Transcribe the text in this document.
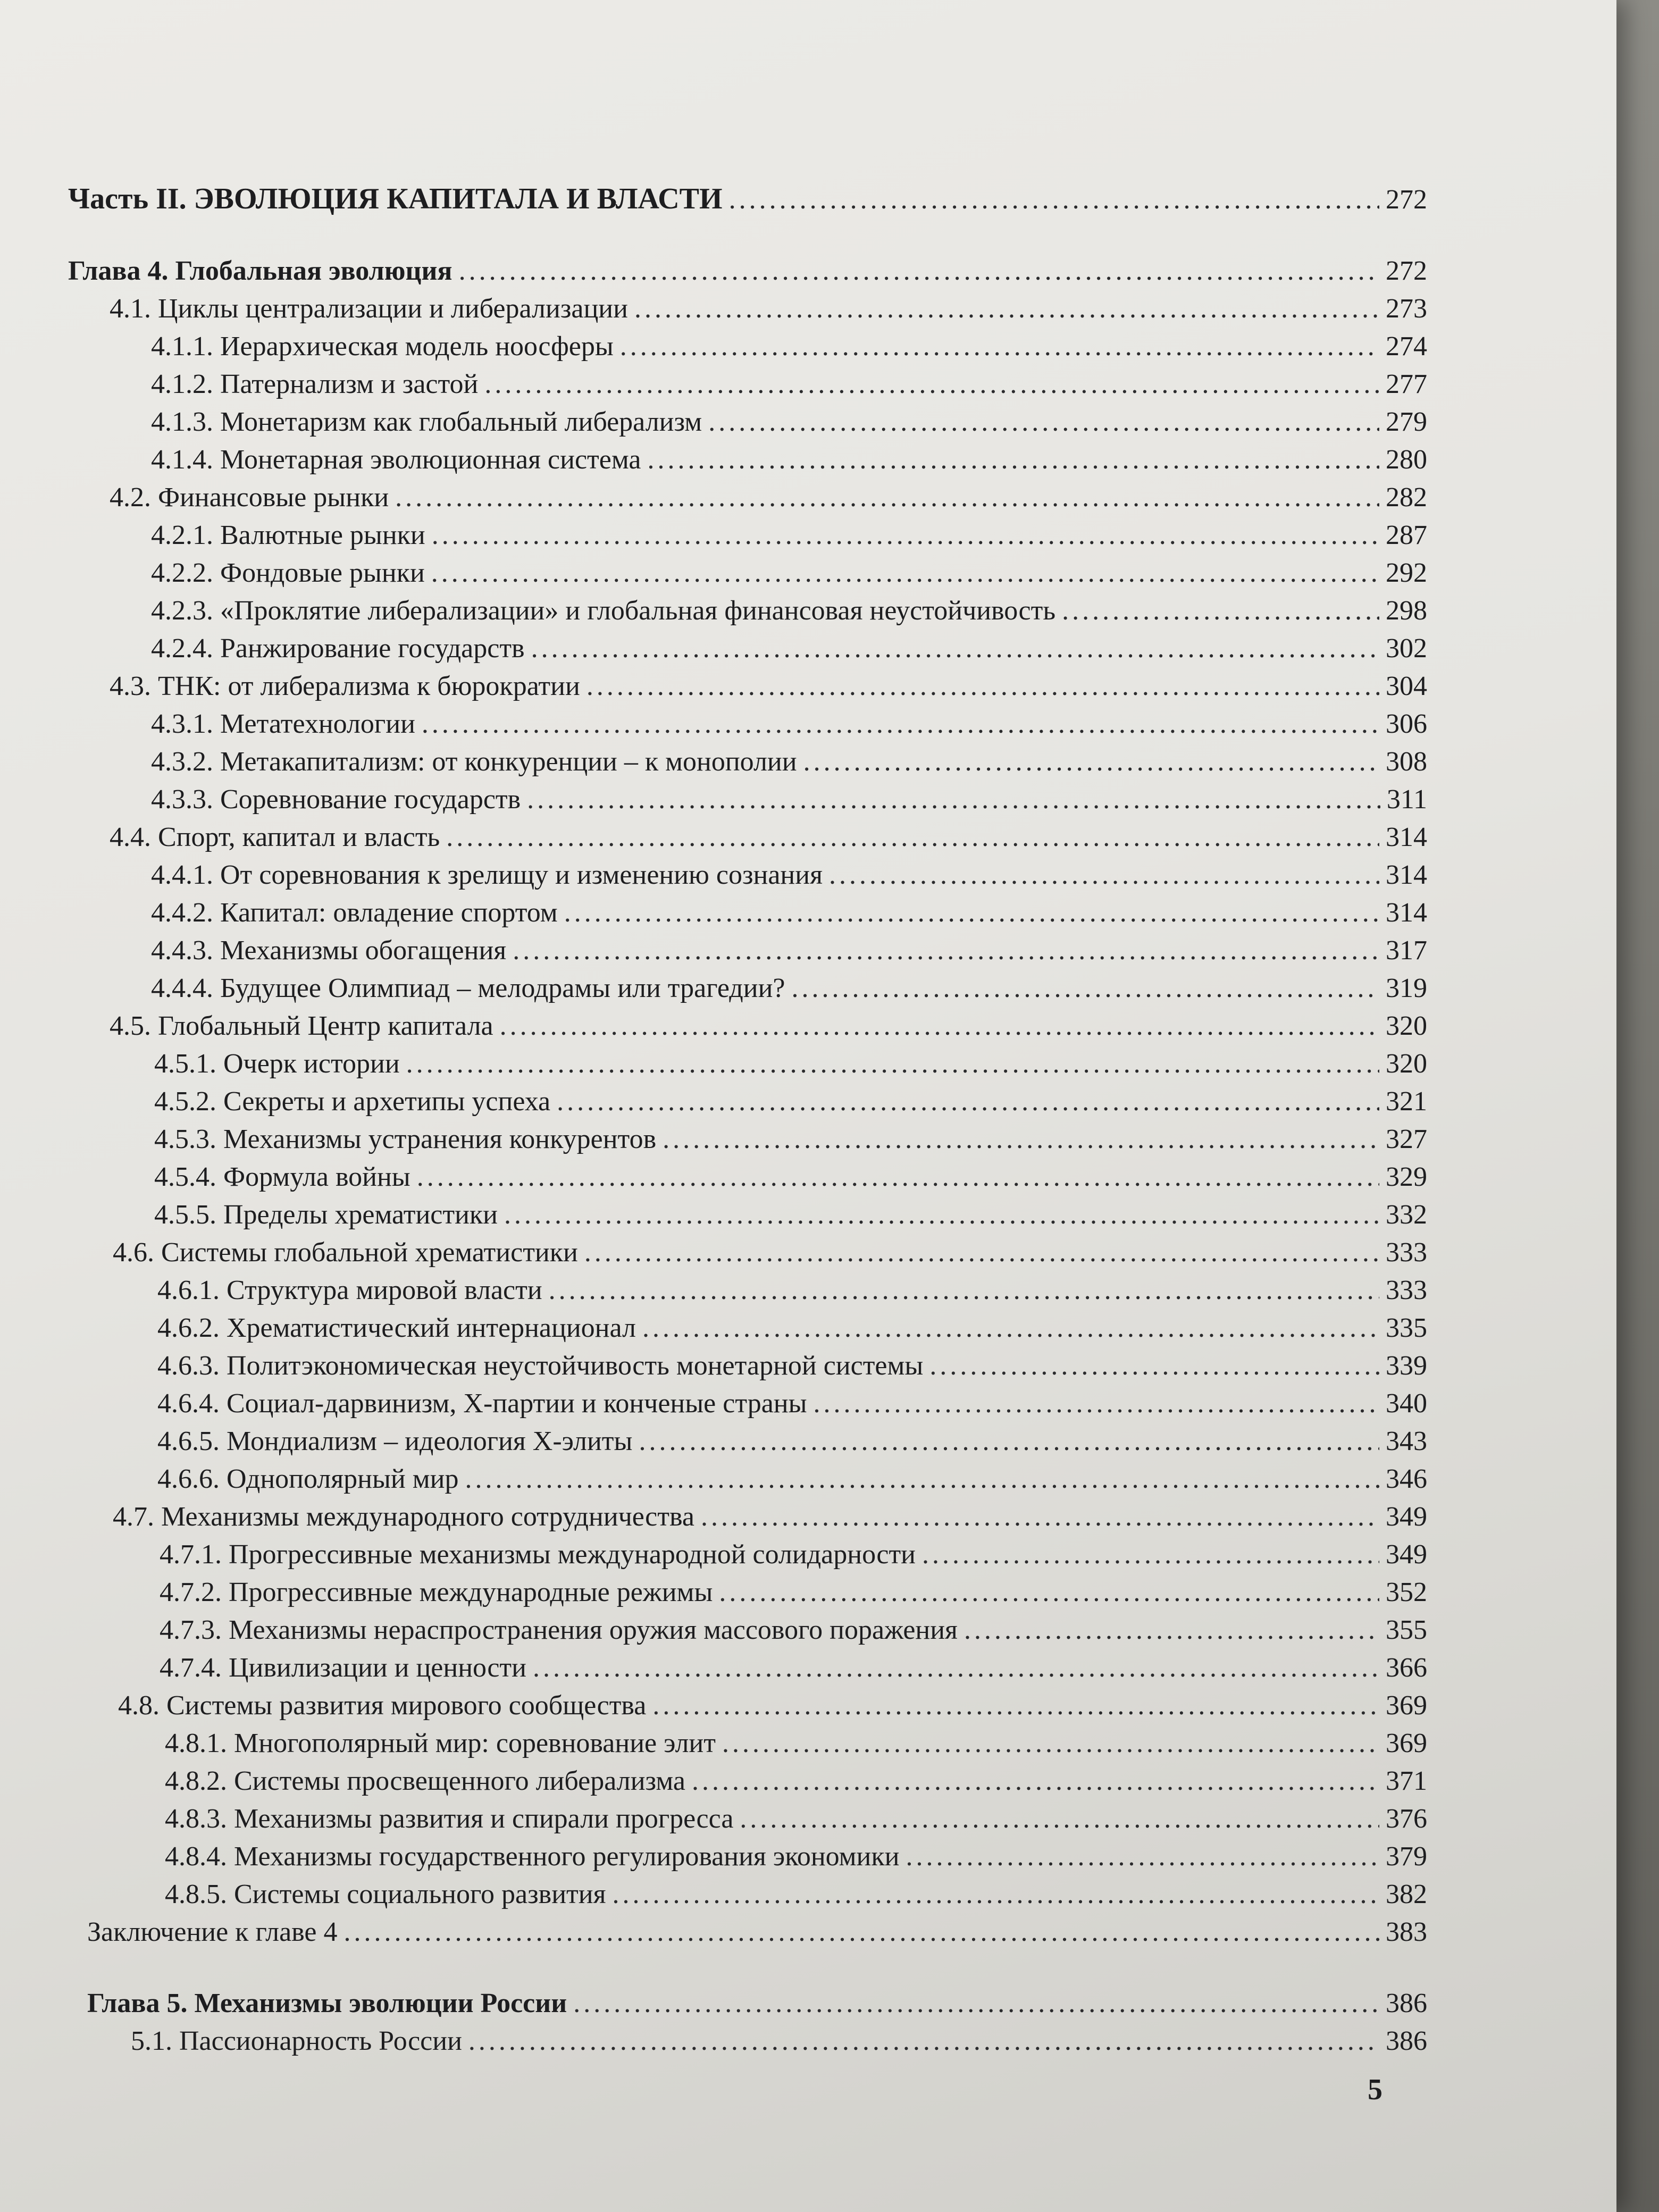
Часть II. ЭВОЛЮЦИЯ КАПИТАЛА И ВЛАСТИ .....	272
Глава 4. Глобальная эволюция .....	272
4.1. Циклы централизации и либерализации .....	273
4.1.1. Иерархическая модель ноосферы .....	274
4.1.2. Патернализм и застой .....	277
4.1.3. Монетаризм как глобальный либерализм .....	279
4.1.4. Монетарная эволюционная система .....	280
4.2. Финансовые рынки .....	282
4.2.1. Валютные рынки .....	287
4.2.2. Фондовые рынки .....	292
4.2.3. «Проклятие либерализации» и глобальная финансовая неустойчивость .....	298
4.2.4. Ранжирование государств .....	302
4.3. ТНК: от либерализма к бюрократии .....	304
4.3.1. Метатехнологии .....	306
4.3.2. Метакапитализм: от конкуренции – к монополии .....	308
4.3.3. Соревнование государств .....	311
4.4. Спорт, капитал и власть .....	314
4.4.1. От соревнования к зрелищу и изменению сознания .....	314
4.4.2. Капитал: овладение спортом .....	314
4.4.3. Механизмы обогащения .....	317
4.4.4. Будущее Олимпиад – мелодрамы или трагедии? .....	319
4.5. Глобальный Центр капитала .....	320
4.5.1. Очерк истории .....	320
4.5.2. Секреты и архетипы успеха .....	321
4.5.3. Механизмы устранения конкурентов .....	327
4.5.4. Формула войны .....	329
4.5.5. Пределы хрематистики .....	332
4.6. Системы глобальной хрематистики .....	333
4.6.1. Структура мировой власти .....	333
4.6.2. Хрематистический интернационал .....	335
4.6.3. Политэкономическая неустойчивость монетарной системы .....	339
4.6.4. Социал-дарвинизм, Х-партии и конченые страны .....	340
4.6.5. Мондиализм – идеология Х-элиты .....	343
4.6.6. Однополярный мир .....	346
4.7. Механизмы международного сотрудничества .....	349
4.7.1. Прогрессивные механизмы международной солидарности .....	349
4.7.2. Прогрессивные международные режимы .....	352
4.7.3. Механизмы нераспространения оружия массового поражения .....	355
4.7.4. Цивилизации и ценности .....	366
4.8. Системы развития мирового сообщества .....	369
4.8.1. Многополярный мир: соревнование элит .....	369
4.8.2. Системы просвещенного либерализма .....	371
4.8.3. Механизмы развития и спирали прогресса .....	376
4.8.4. Механизмы государственного регулирования экономики .....	379
4.8.5. Системы социального развития .....	382
Заключение к главе 4 .....	383
Глава 5. Механизмы эволюции России .....	386
5.1. Пассионарность России .....	386
5
